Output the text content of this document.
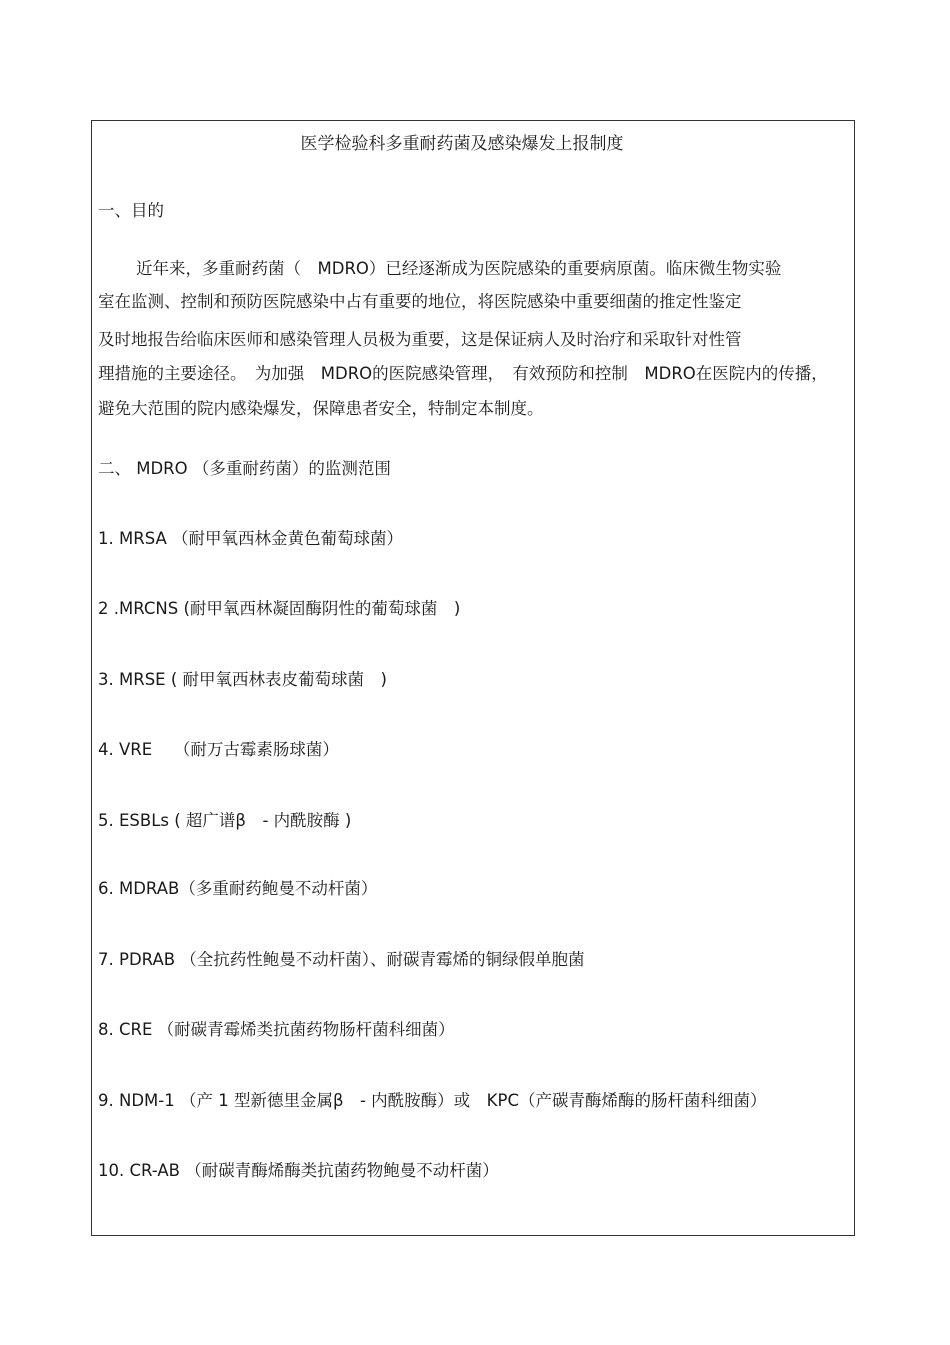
医学检验科多重耐药菌及感染爆发上报制度
一、目的
近年来，多重耐药菌（　MDRO）已经逐渐成为医院感染的重要病原菌。临床微生物实验
室在监测、控制和预防医院感染中占有重要的地位，将医院感染中重要细菌的推定性鉴定
及时地报告给临床医师和感染管理人员极为重要，这是保证病人及时治疗和采取针对性管
理措施的主要途径。　为加强　MDRO的医院感染管理，　有效预防和控制　MDRO在医院内的传播，
避免大范围的院内感染爆发，保障患者安全，特制定本制度。
二、 MDRO （多重耐药菌）的监测范围
1. MRSA （耐甲氧西林金黄色葡萄球菌）
2 .MRCNS (耐甲氧西林凝固酶阴性的葡萄球菌　)
3. MRSE ( 耐甲氧西林表皮葡萄球菌　)
4. VRE　 （耐万古霉素肠球菌）
5. ESBLs ( 超广谱β　- 内酰胺酶 )
6. MDRAB（多重耐药鲍曼不动杆菌）
7. PDRAB （全抗药性鲍曼不动杆菌）、耐碳青霉烯的铜绿假单胞菌
8. CRE （耐碳青霉烯类抗菌药物肠杆菌科细菌）
9. NDM-1 （产 1 型新德里金属β　- 内酰胺酶）或　KPC（产碳青酶烯酶的肠杆菌科细菌）
10. CR-AB （耐碳青酶烯酶类抗菌药物鲍曼不动杆菌）
